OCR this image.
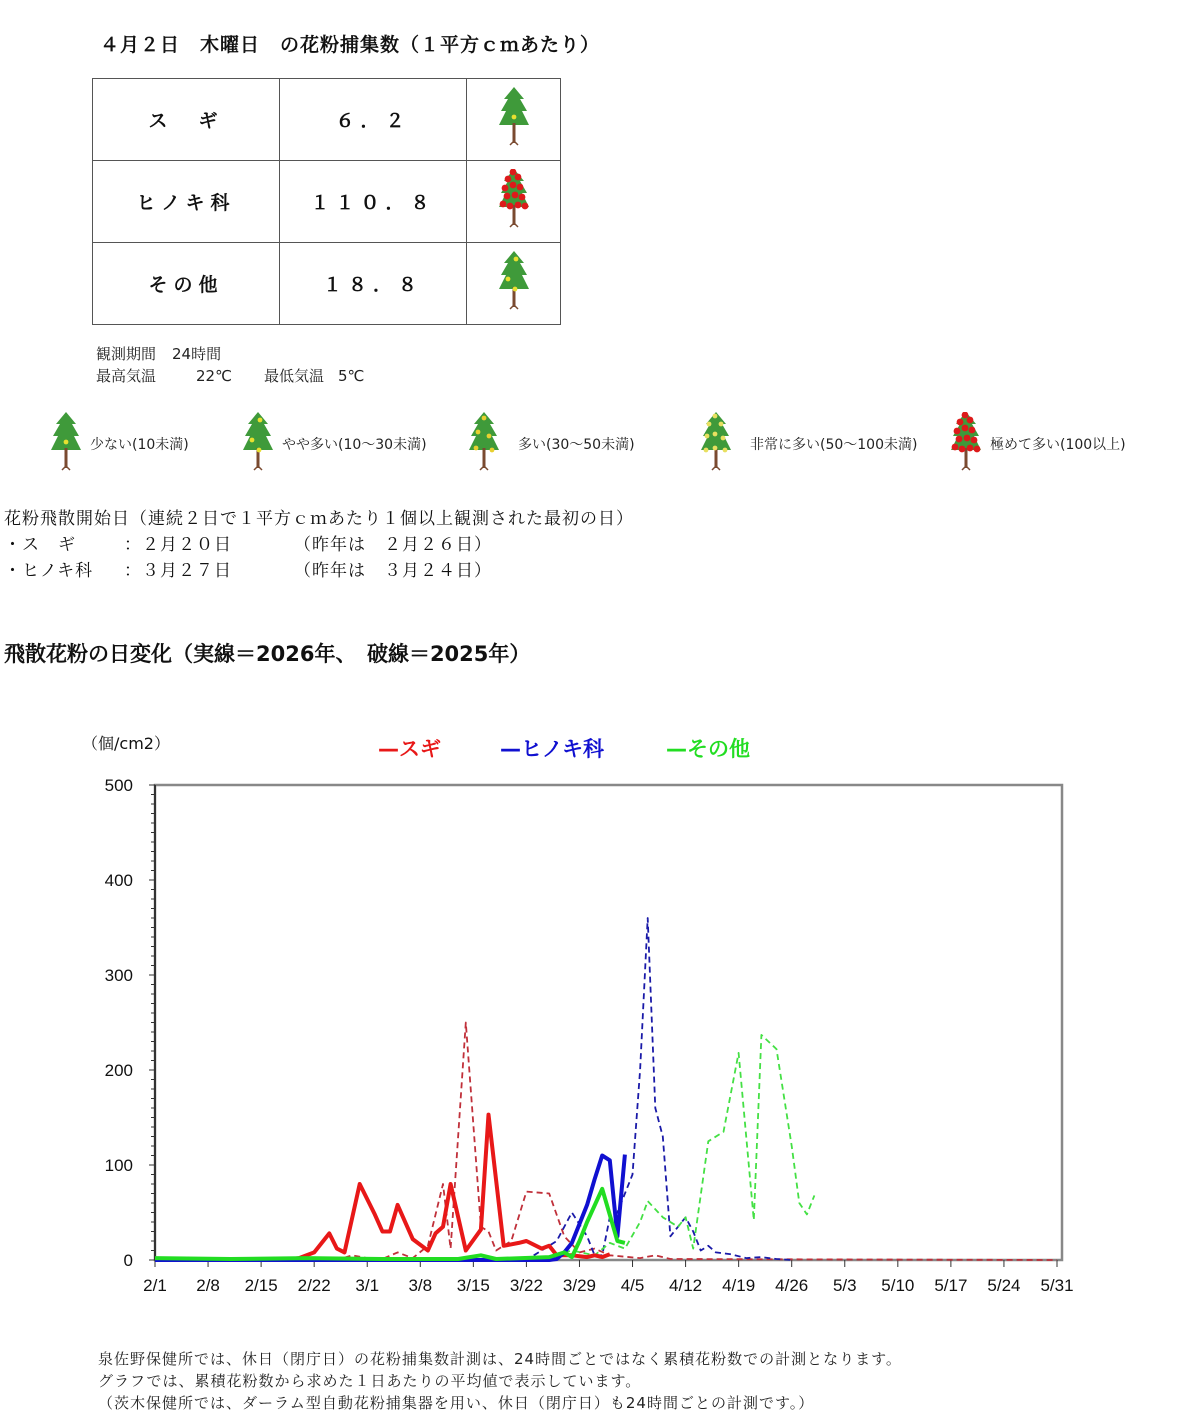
４月２日　木曜日　の花粉捕集数（１平方ｃｍあたり）
ス　ギ	６．２	
ヒノキ科	１１０．８	
その他	１８．８	
観測期間 24時間
最高気温	22℃ 最低気温 5℃
少ない(10未満)	やや多い(10〜30未満)	多い(30〜50未満)	非常に多い(50〜100未満)	極めて多い(100以上)
花粉飛散開始日（連続２日で１平方ｃｍあたり１個以上観測された最初の日）
・ス　ギ	：２月２０日	（昨年は　２月２６日）
・ヒノキ科 ：３月２７日	（昨年は　３月２４日）
飛散花粉の日変化（実線＝2026年、　破線＝2025年）
0
100
200
300
400
500
2/1 2/8 2/15 2/22 3/1 3/8 3/15 3/22 3/29 4/5 4/12 4/19 4/26 5/3 5/10 5/17 5/24 5/31
（個/cm2）	—スギ	—ヒノキ科	—その他
泉佐野保健所では、休日（閉庁日）の花粉捕集数計測は、24時間ごとではなく累積花粉数での計測となります。
グラフでは、累積花粉数から求めた１日あたりの平均値で表示しています。
（茨木保健所では、ダーラム型自動花粉捕集器を用い、休日（閉庁日）も24時間ごとの計測です。）
